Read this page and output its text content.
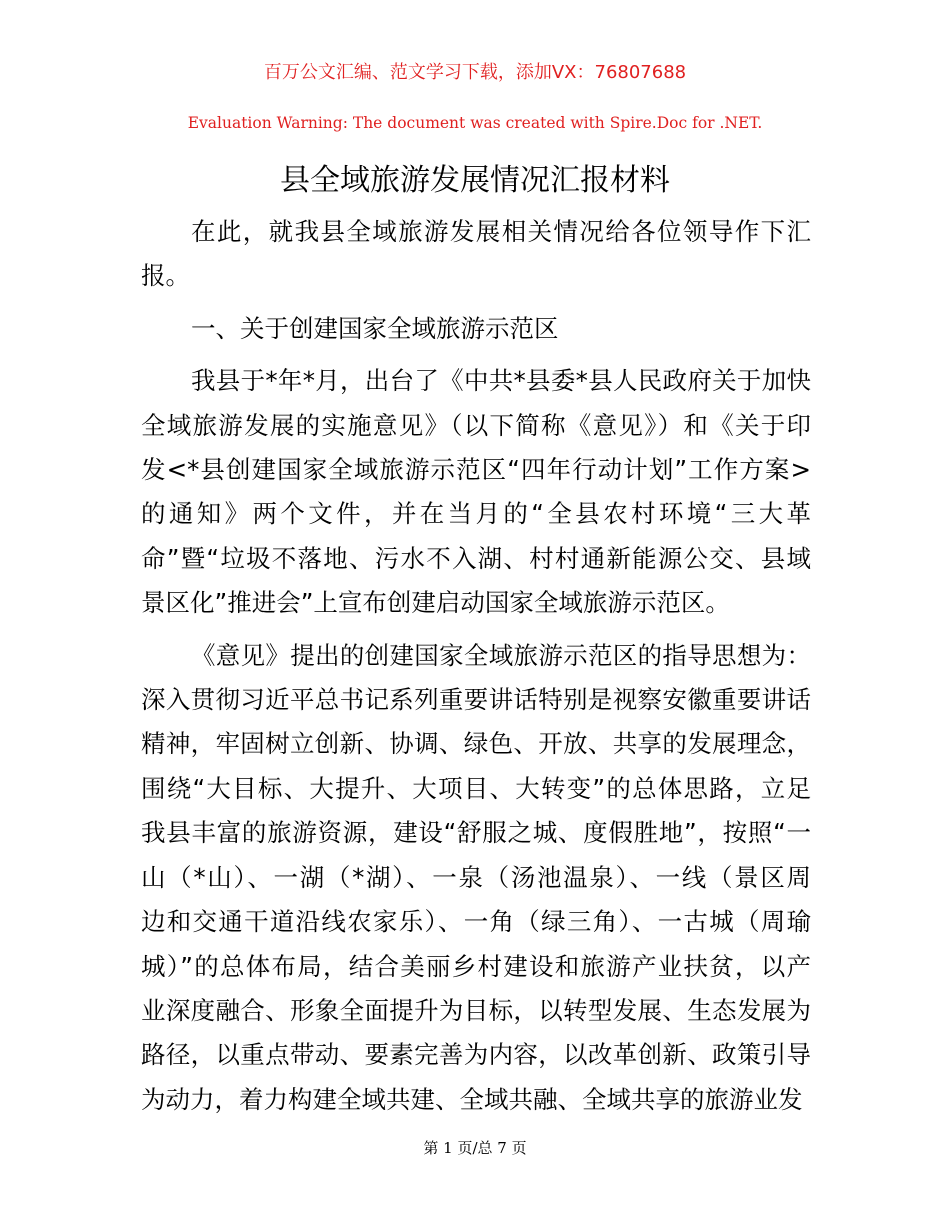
百万公文汇编、范文学习下载，添加VX：76807688
Evaluation Warning: The document was created with Spire.Doc for .NET.
县全域旅游发展情况汇报材料
在此，就我县全域旅游发展相关情况给各位领导作下汇
报。
一、关于创建国家全域旅游示范区
我县于*年*月，出台了《中共*县委*县人民政府关于加快
全域旅游发展的实施意见》（以下简称《意见》）和《关于印
发<*县创建国家全域旅游示范区“四年行动计划”工作方案>
的通知》两个文件，并在当月的“全县农村环境“三大革
命”暨“垃圾不落地、污水不入湖、村村通新能源公交、县域
景区化”推进会”上宣布创建启动国家全域旅游示范区。
《意见》提出的创建国家全域旅游示范区的指导思想为：
深入贯彻习近平总书记系列重要讲话特别是视察安徽重要讲话
精神，牢固树立创新、协调、绿色、开放、共享的发展理念，
围绕“大目标、大提升、大项目、大转变”的总体思路，立足
我县丰富的旅游资源，建设“舒服之城、度假胜地”，按照“一
山（*山）、一湖（*湖）、一泉（汤池温泉）、一线（景区周
边和交通干道沿线农家乐）、一角（绿三角）、一古城（周瑜
城）”的总体布局，结合美丽乡村建设和旅游产业扶贫，以产
业深度融合、形象全面提升为目标，以转型发展、生态发展为
路径，以重点带动、要素完善为内容，以改革创新、政策引导
为动力，着力构建全域共建、全域共融、全域共享的旅游业发
第 1 页/总 7 页
